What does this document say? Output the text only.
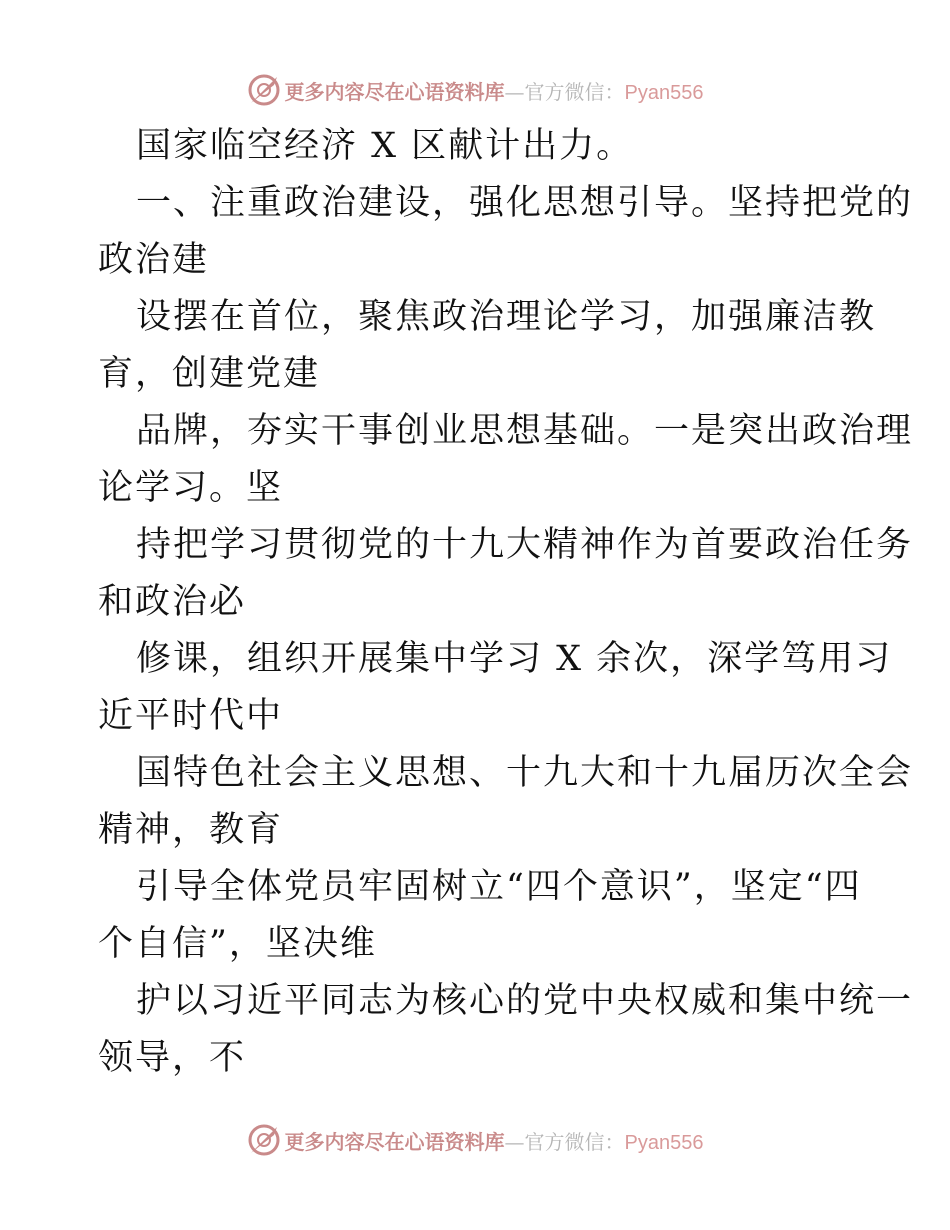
更多内容尽在心语资料库—官方微信：Pyan556
国家临空经济 X 区献计出力。
一、注重政治建设，强化思想引导。坚持把党的
政治建
设摆在首位，聚焦政治理论学习，加强廉洁教
育，创建党建
品牌，夯实干事创业思想基础。一是突出政治理
论学习。坚
持把学习贯彻党的十九大精神作为首要政治任务
和政治必
修课，组织开展集中学习 X 余次，深学笃用习
近平时代中
国特色社会主义思想、十九大和十九届历次全会
精神，教育
引导全体党员牢固树立“四个意识”，坚定“四
个自信”，坚决维
护以习近平同志为核心的党中央权威和集中统一
领导，不
更多内容尽在心语资料库—官方微信：Pyan556
